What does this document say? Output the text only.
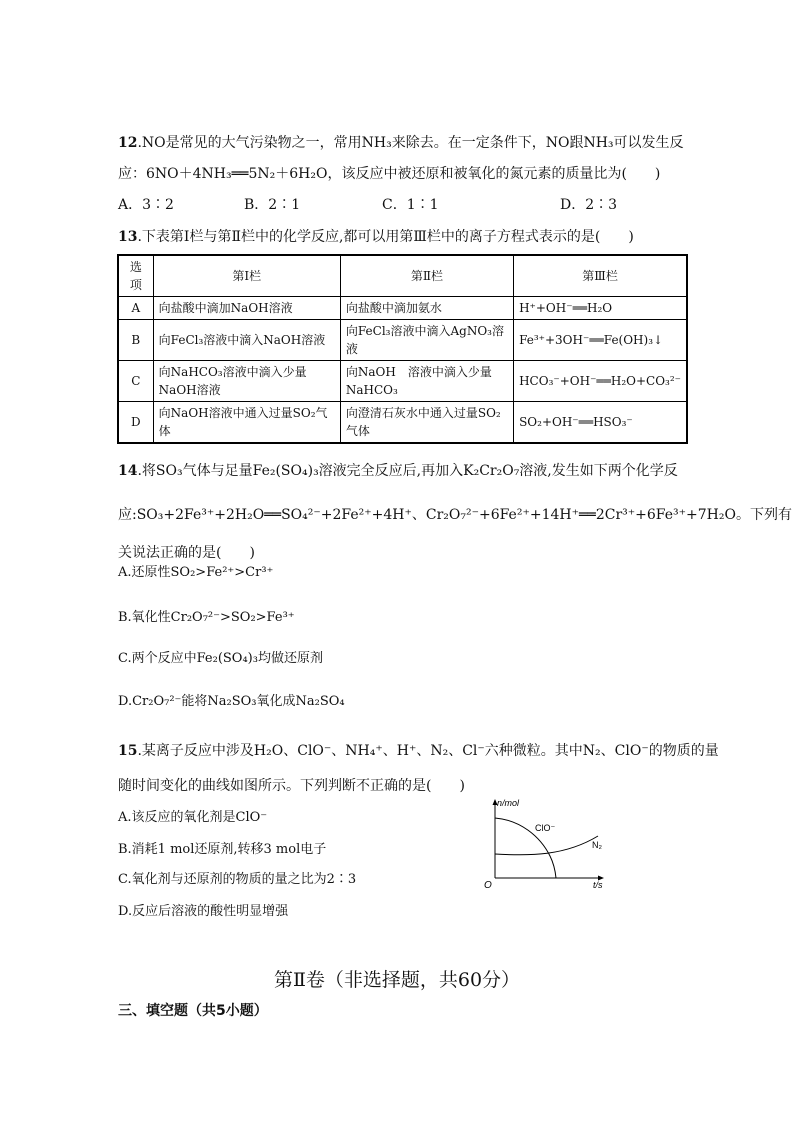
12.NO是常见的大气污染物之一，常用NH₃来除去。在一定条件下，NO跟NH₃可以发生反
应：6NO＋4NH₃══5N₂＋6H₂O，该反应中被还原和被氧化的氮元素的质量比为(　　)
A．3∶2	B．2∶1	C．1∶1	D．2∶3
13.下表第Ⅰ栏与第Ⅱ栏中的化学反应,都可以用第Ⅲ栏中的离子方程式表示的是(　　)
选项	第Ⅰ栏	第Ⅱ栏	第Ⅲ栏
A	向盐酸中滴加NaOH溶液	向盐酸中滴加氨水	H⁺+OH⁻══H₂O
B	向FeCl₃溶液中滴入NaOH溶液	向FeCl₃溶液中滴入AgNO₃溶液	Fe³⁺+3OH⁻══Fe(OH)₃↓
C	向NaHCO₃溶液中滴入少量NaOH溶液	向NaOH　溶液中滴入少量NaHCO₃	HCO₃⁻+OH⁻══H₂O+CO₃²⁻
D	向NaOH溶液中通入过量SO₂气体	向澄清石灰水中通入过量SO₂气体	SO₂+OH⁻══HSO₃⁻
14.将SO₃气体与足量Fe₂(SO₄)₃溶液完全反应后,再加入K₂Cr₂O₇溶液,发生如下两个化学反
应:SO₃+2Fe³⁺+2H₂O══SO₄²⁻+2Fe²⁺+4H⁺、Cr₂O₇²⁻+6Fe²⁺+14H⁺══2Cr³⁺+6Fe³⁺+7H₂O。下列有
关说法正确的是(　　)
A.还原性SO₂>Fe²⁺>Cr³⁺
B.氧化性Cr₂O₇²⁻>SO₂>Fe³⁺
C.两个反应中Fe₂(SO₄)₃均做还原剂
D.Cr₂O₇²⁻能将Na₂SO₃氧化成Na₂SO₄
15.某离子反应中涉及H₂O、ClO⁻、NH₄⁺、H⁺、N₂、Cl⁻六种微粒。其中N₂、ClO⁻的物质的量
随时间变化的曲线如图所示。下列判断不正确的是(　　)
A.该反应的氧化剂是ClO⁻
B.消耗1 mol还原剂,转移3 mol电子
C.氧化剂与还原剂的物质的量之比为2∶3
D.反应后溶液的酸性明显增强
n/mol
t/s
O
ClO⁻
N₂
第Ⅱ卷（非选择题，共60分）
三、填空题（共5小题）
